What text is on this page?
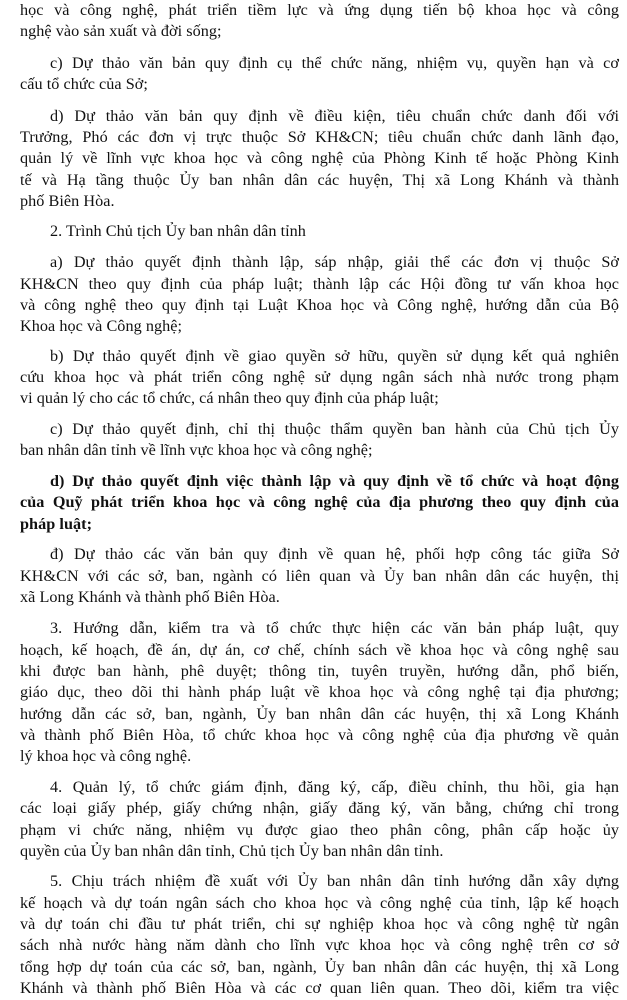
học và công nghệ, phát triển tiềm lực và ứng dụng tiến bộ khoa học và công
nghệ vào sản xuất và đời sống;
c) Dự thảo văn bản quy định cụ thể chức năng, nhiệm vụ, quyền hạn và cơ
cấu tổ chức của Sở;
d) Dự thảo văn bản quy định về điều kiện, tiêu chuẩn chức danh đối với
Trưởng, Phó các đơn vị trực thuộc Sở KH&CN; tiêu chuẩn chức danh lãnh đạo,
quản lý về lĩnh vực khoa học và công nghệ của Phòng Kinh tế hoặc Phòng Kinh
tế và Hạ tầng thuộc Ủy ban nhân dân các huyện, Thị xã Long Khánh và thành
phố Biên Hòa.
2. Trình Chủ tịch Ủy ban nhân dân tỉnh
a) Dự thảo quyết định thành lập, sáp nhập, giải thể các đơn vị thuộc Sở
KH&CN theo quy định của pháp luật; thành lập các Hội đồng tư vấn khoa học
và công nghệ theo quy định tại Luật Khoa học và Công nghệ, hướng dẫn của Bộ
Khoa học và Công nghệ;
b) Dự thảo quyết định về giao quyền sở hữu, quyền sử dụng kết quả nghiên
cứu khoa học và phát triển công nghệ sử dụng ngân sách nhà nước trong phạm
vi quản lý cho các tổ chức, cá nhân theo quy định của pháp luật;
c) Dự thảo quyết định, chỉ thị thuộc thẩm quyền ban hành của Chủ tịch Ủy
ban nhân dân tỉnh về lĩnh vực khoa học và công nghệ;
d) Dự thảo quyết định việc thành lập và quy định về tổ chức và hoạt động
của Quỹ phát triển khoa học và công nghệ của địa phương theo quy định của
pháp luật;
đ) Dự thảo các văn bản quy định về quan hệ, phối hợp công tác giữa Sở
KH&CN với các sở, ban, ngành có liên quan và Ủy ban nhân dân các huyện, thị
xã Long Khánh và thành phố Biên Hòa.
3. Hướng dẫn, kiểm tra và tổ chức thực hiện các văn bản pháp luật, quy
hoạch, kế hoạch, đề án, dự án, cơ chế, chính sách về khoa học và công nghệ sau
khi được ban hành, phê duyệt; thông tin, tuyên truyền, hướng dẫn, phổ biến,
giáo dục, theo dõi thi hành pháp luật về khoa học và công nghệ tại địa phương;
hướng dẫn các sở, ban, ngành, Ủy ban nhân dân các huyện, thị xã Long Khánh
và thành phố Biên Hòa, tổ chức khoa học và công nghệ của địa phương về quản
lý khoa học và công nghệ.
4. Quản lý, tổ chức giám định, đăng ký, cấp, điều chỉnh, thu hồi, gia hạn
các loại giấy phép, giấy chứng nhận, giấy đăng ký, văn bằng, chứng chỉ trong
phạm vi chức năng, nhiệm vụ được giao theo phân công, phân cấp hoặc ủy
quyền của Ủy ban nhân dân tỉnh, Chủ tịch Ủy ban nhân dân tỉnh.
5. Chịu trách nhiệm đề xuất với Ủy ban nhân dân tỉnh hướng dẫn xây dựng
kế hoạch và dự toán ngân sách cho khoa học và công nghệ của tỉnh, lập kế hoạch
và dự toán chi đầu tư phát triển, chi sự nghiệp khoa học và công nghệ từ ngân
sách nhà nước hàng năm dành cho lĩnh vực khoa học và công nghệ trên cơ sở
tổng hợp dự toán của các sở, ban, ngành, Ủy ban nhân dân các huyện, thị xã Long
Khánh và thành phố Biên Hòa và các cơ quan liên quan. Theo dõi, kiểm tra việc
